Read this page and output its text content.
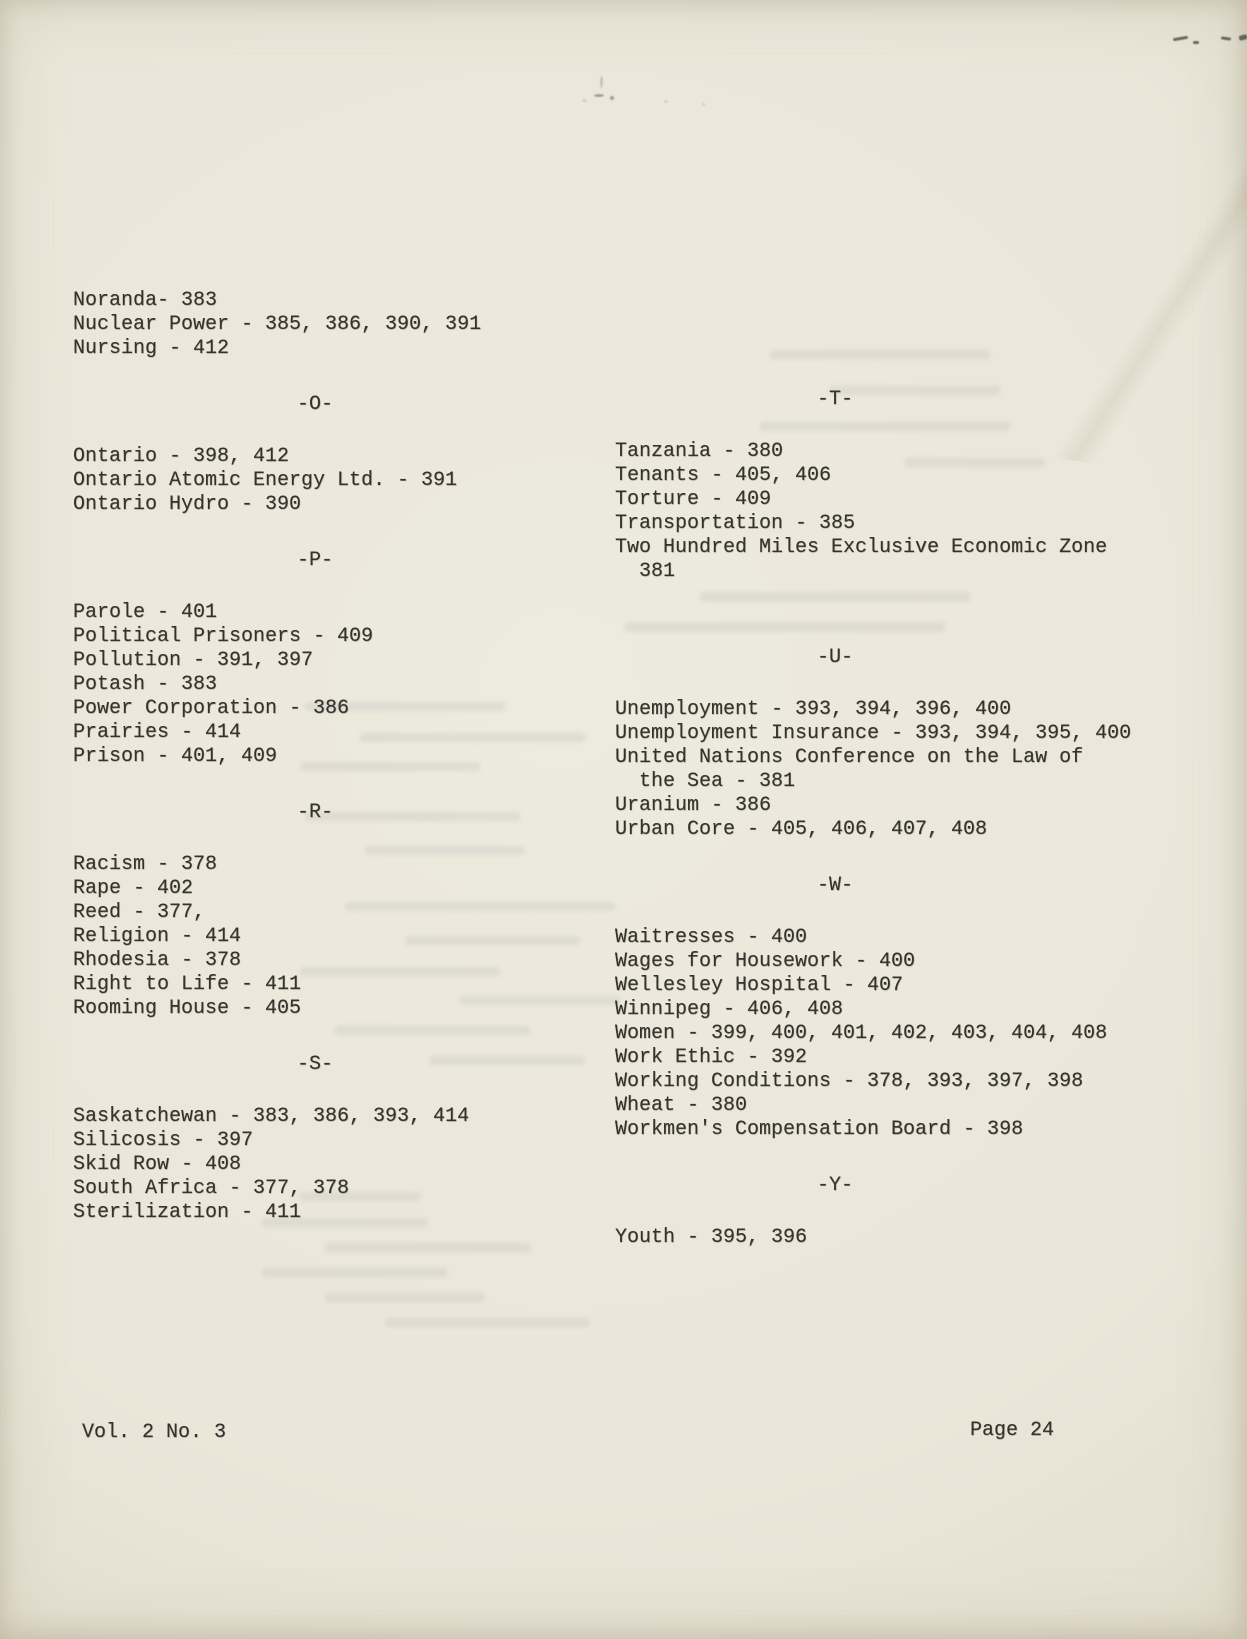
Noranda- 383
Nuclear Power - 385, 386, 390, 391
Nursing - 412
-O-
Ontario - 398, 412
Ontario Atomic Energy Ltd. - 391
Ontario Hydro - 390
-P-
Parole - 401
Political Prisoners - 409
Pollution - 391, 397
Potash - 383
Power Corporation - 386
Prairies - 414
Prison - 401, 409
-R-
Racism - 378
Rape - 402
Reed - 377,
Religion - 414
Rhodesia - 378
Right to Life - 411
Rooming House - 405
-S-
Saskatchewan - 383, 386, 393, 414
Silicosis - 397
Skid Row - 408
South Africa - 377, 378
Sterilization - 411
-T-
Tanzania - 380
Tenants - 405, 406
Torture - 409
Transportation - 385
Two Hundred Miles Exclusive Economic Zone
381
-U-
Unemployment - 393, 394, 396, 400
Unemployment Insurance - 393, 394, 395, 400
United Nations Conference on the Law of
the Sea - 381
Uranium - 386
Urban Core - 405, 406, 407, 408
-W-
Waitresses - 400
Wages for Housework - 400
Wellesley Hospital - 407
Winnipeg - 406, 408
Women - 399, 400, 401, 402, 403, 404, 408
Work Ethic - 392
Working Conditions - 378, 393, 397, 398
Wheat - 380
Workmen's Compensation Board - 398
-Y-
Youth - 395, 396
Vol. 2 No. 3	Page 24
